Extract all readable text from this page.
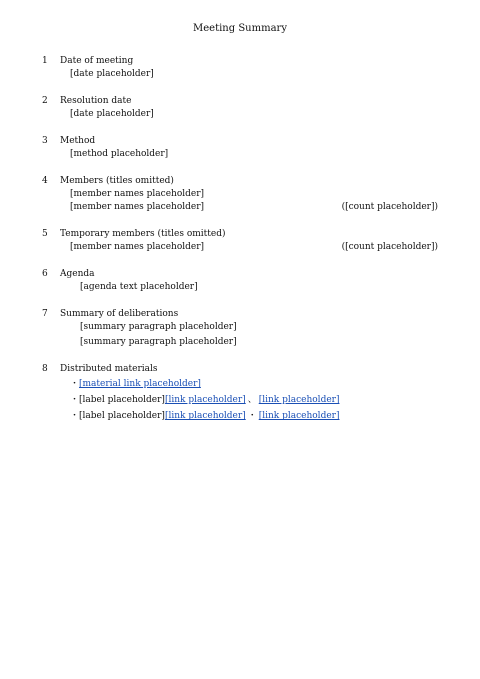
Meeting Summary
1	Date of meeting
[date placeholder]
2	Resolution date
[date placeholder]
3	Method
[method placeholder]
4	Members (titles omitted)
[member names placeholder]
[member names placeholder]	([count placeholder])
5	Temporary members (titles omitted)
[member names placeholder]	([count placeholder])
6	Agenda

[agenda text placeholder]

7	Summary of deliberations

[summary paragraph placeholder]

[summary paragraph placeholder]

8	Distributed materials
・[material link placeholder]
・[label placeholder][link placeholder] 、 [link placeholder]
・[label placeholder][link placeholder] ・ [link placeholder]
